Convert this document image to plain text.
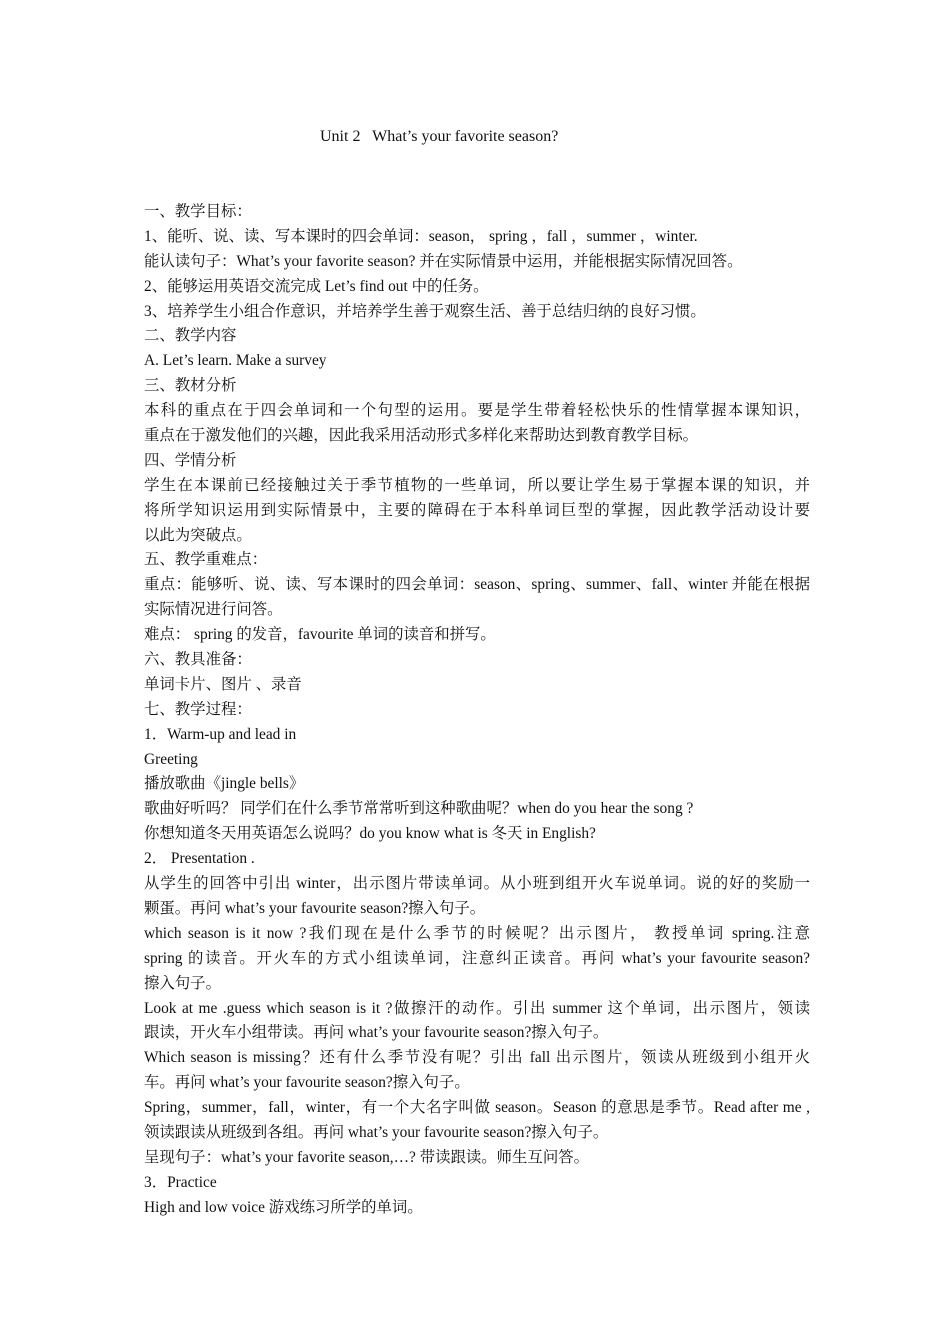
Unit 2   What’s your favorite season?
一、教学目标：
1、能听、说、读、写本课时的四会单词：season， spring ，fall ，summer ，winter.
能认读句子：What’s your favorite season? 并在实际情景中运用，并能根据实际情况回答。
2、能够运用英语交流完成 Let’s find out 中的任务。
3、培养学生小组合作意识，并培养学生善于观察生活、善于总结归纳的良好习惯。
二、教学内容
A. Let’s learn. Make a survey
三、教材分析
本科的重点在于四会单词和一个句型的运用。要是学生带着轻松快乐的性情掌握本课知识，
重点在于激发他们的兴趣，因此我采用活动形式多样化来帮助达到教育教学目标。
四、学情分析
学生在本课前已经接触过关于季节植物的一些单词，所以要让学生易于掌握本课的知识，并
将所学知识运用到实际情景中，主要的障碍在于本科单词巨型的掌握，因此教学活动设计要
以此为突破点。
五、教学重难点：
重点：能够听、说、读、写本课时的四会单词：season、spring、summer、fall、winter 并能在根据
实际情况进行问答。
难点： spring 的发音，favourite 单词的读音和拼写。
六、教具准备：
单词卡片、图片 、录音
七、教学过程：
1．Warm-up and lead in
Greeting
播放歌曲《jingle bells》
歌曲好听吗？ 同学们在什么季节常常听到这种歌曲呢？when do you hear the song ?
你想知道冬天用英语怎么说吗？do you know what is 冬天 in English?
2． Presentation .
从学生的回答中引出 winter，出示图片带读单词。从小班到组开火车说单词。说的好的奖励一
颗蛋。再问 what’s your favourite season?擦入句子。
which season is it now ?我们现在是什么季节的时候呢？出示图片， 教授单词 spring.注意
spring 的读音。开火车的方式小组读单词，注意纠正读音。再问 what’s your favourite season?
擦入句子。
Look at me .guess which season is it ?做擦汗的动作。引出 summer 这个单词，出示图片，领读
跟读，开火车小组带读。再问 what’s your favourite season?擦入句子。
Which season is missing？还有什么季节没有呢？引出 fall 出示图片，领读从班级到小组开火
车。再问 what’s your favourite season?擦入句子。
Spring，summer，fall，winter，有一个大名字叫做 season。Season 的意思是季节。Read after me ,
领读跟读从班级到各组。再问 what’s your favourite season?擦入句子。
呈现句子：what’s your favorite season,…? 带读跟读。师生互问答。
3．Practice
High and low voice 游戏练习所学的单词。
